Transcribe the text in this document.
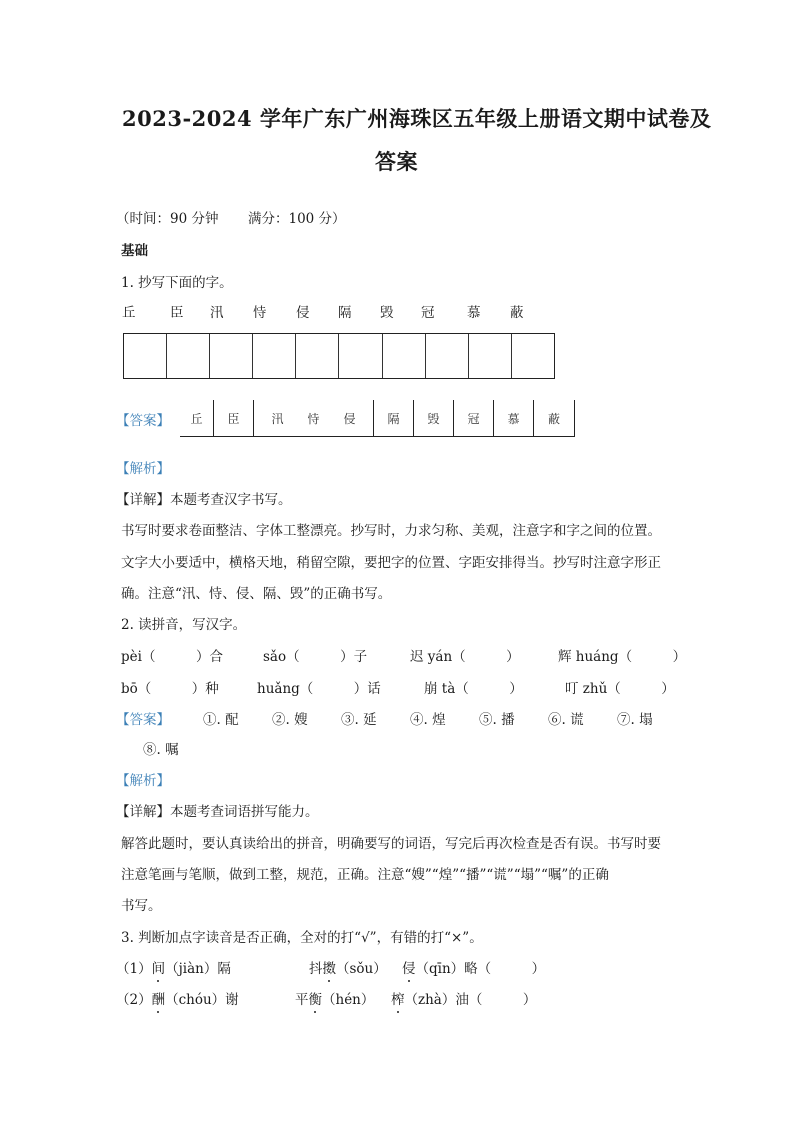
2023-2024 学年广东广州海珠区五年级上册语文期中试卷及
答案
（时间：90 分钟 满分：100 分）
基础
1. 抄写下面的字。
丘	臣 汛 恃 侵 隔 毁 冠 慕 蔽
【答案】	丘	臣	汛　　恃　　侵	隔	毁	冠	慕	蔽
【解析】
【详解】本题考查汉字书写。
书写时要求卷面整洁、字体工整漂亮。抄写时，力求匀称、美观，注意字和字之间的位置。
文字大小要适中，横格天地，稍留空隙，要把字的位置、字距安排得当。抄写时注意字形正
确。注意“汛、恃、侵、隔、毁”的正确书写。
2. 读拼音，写汉字。
pèi（　　　）合	sǎo（　　　）子	迟 yán（　　　）	辉 huáng（　　　）
bō（　　　）种	huǎng（　　　）话	崩 tà（　　　）	叮 zhǔ（　　　）
【答案】 ①. 配 ②. 嫂 ③. 延 ④. 煌 ⑤. 播 ⑥. 谎 ⑦. 塌
⑧. 嘱
【解析】
【详解】本题考查词语拼写能力。
解答此题时，要认真读给出的拼音，明确要写的词语，写完后再次检查是否有误。书写时要
注意笔画与笔顺，做到工整，规范，正确。注意“嫂”“煌”“播”“谎”“塌”“嘱”的正确
书写。
3. 判断加点字读音是否正确，全对的打“√”，有错的打“×”。
（1）间（jiàn）隔	抖擞（sǒu） 侵（qīn）略（　　　）
（2）酬（chóu）谢	平衡（hén） 榨（zhà）油（　　　）
